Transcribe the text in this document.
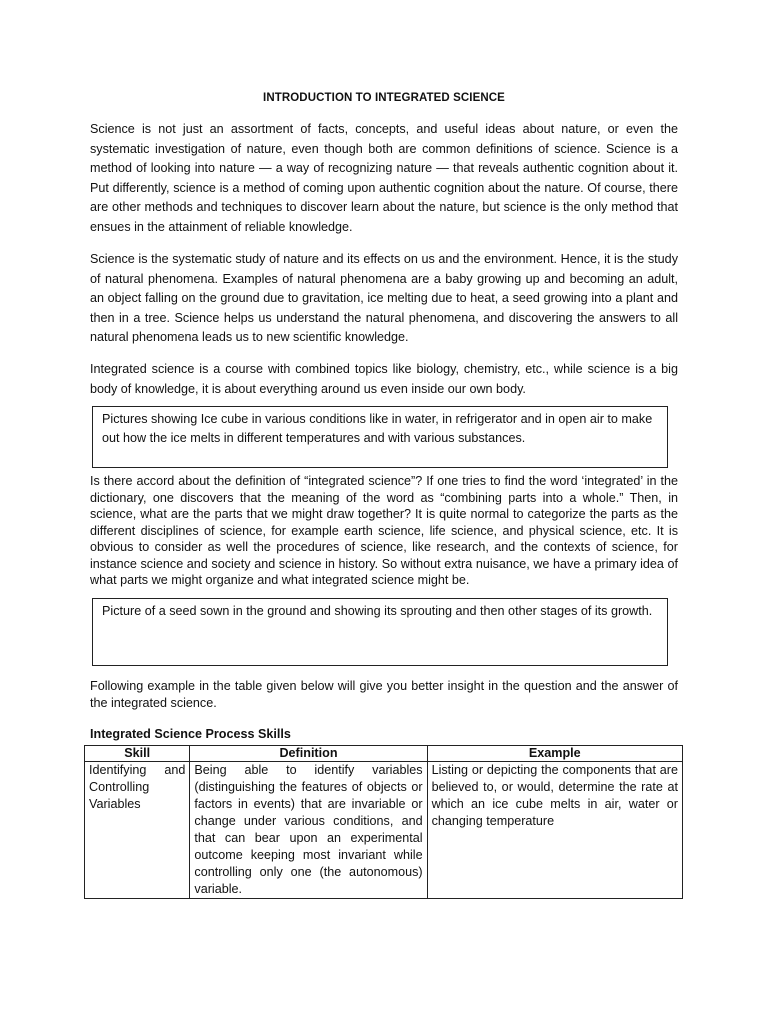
INTRODUCTION TO INTEGRATED SCIENCE

Science is not just an assortment of facts, concepts, and useful ideas about nature, or even the systematic investigation of nature, even though both are common definitions of science. Science is a method of looking into nature — a way of recognizing nature — that reveals authentic cognition about it. Put differently, science is a method of coming upon authentic cognition about the nature. Of course, there are other methods and techniques to discover learn about the nature, but science is the only method that ensues in the attainment of reliable knowledge.

Science is the systematic study of nature and its effects on us and the environment. Hence, it is the study of natural phenomena. Examples of natural phenomena are a baby growing up and becoming an adult, an object falling on the ground due to gravitation, ice melting due to heat, a seed growing into a plant and then in a tree. Science helps us understand the natural phenomena, and discovering the answers to all natural phenomena leads us to new scientific knowledge.

Integrated science is a course with combined topics like biology, chemistry, etc., while science is a big body of knowledge, it is about everything around us even inside our own body.

Pictures showing Ice cube in various conditions like in water, in refrigerator and in open air to make out how the ice melts in different temperatures and with various substances.

Is there accord about the definition of “integrated science”? If one tries to find the word ‘integrated’ in the dictionary, one discovers that the meaning of the word as “combining parts into a whole.” Then, in science, what are the parts that we might draw together? It is quite normal to categorize the parts as the different disciplines of science, for example earth science, life science, and physical science, etc. It is obvious to consider as well the procedures of science, like research, and the contexts of science, for instance science and society and science in history. So without extra nuisance, we have a primary idea of what parts we might organize and what integrated science might be.

Picture of a seed sown in the ground and showing its sprouting and then other stages of its growth.

Following example in the table given below will give you better insight in the question and the answer of the integrated science.

Integrated Science Process Skills
Skill	Definition	Example
Identifying and Controlling Variables	Being able to identify variables (distinguishing the features of objects or factors in events) that are invariable or change under various conditions, and that can bear upon an experimental outcome keeping most invariant while controlling only one (the autonomous) variable.	Listing or depicting the components that are believed to, or would, determine the rate at which an ice cube melts in air, water or changing temperature
